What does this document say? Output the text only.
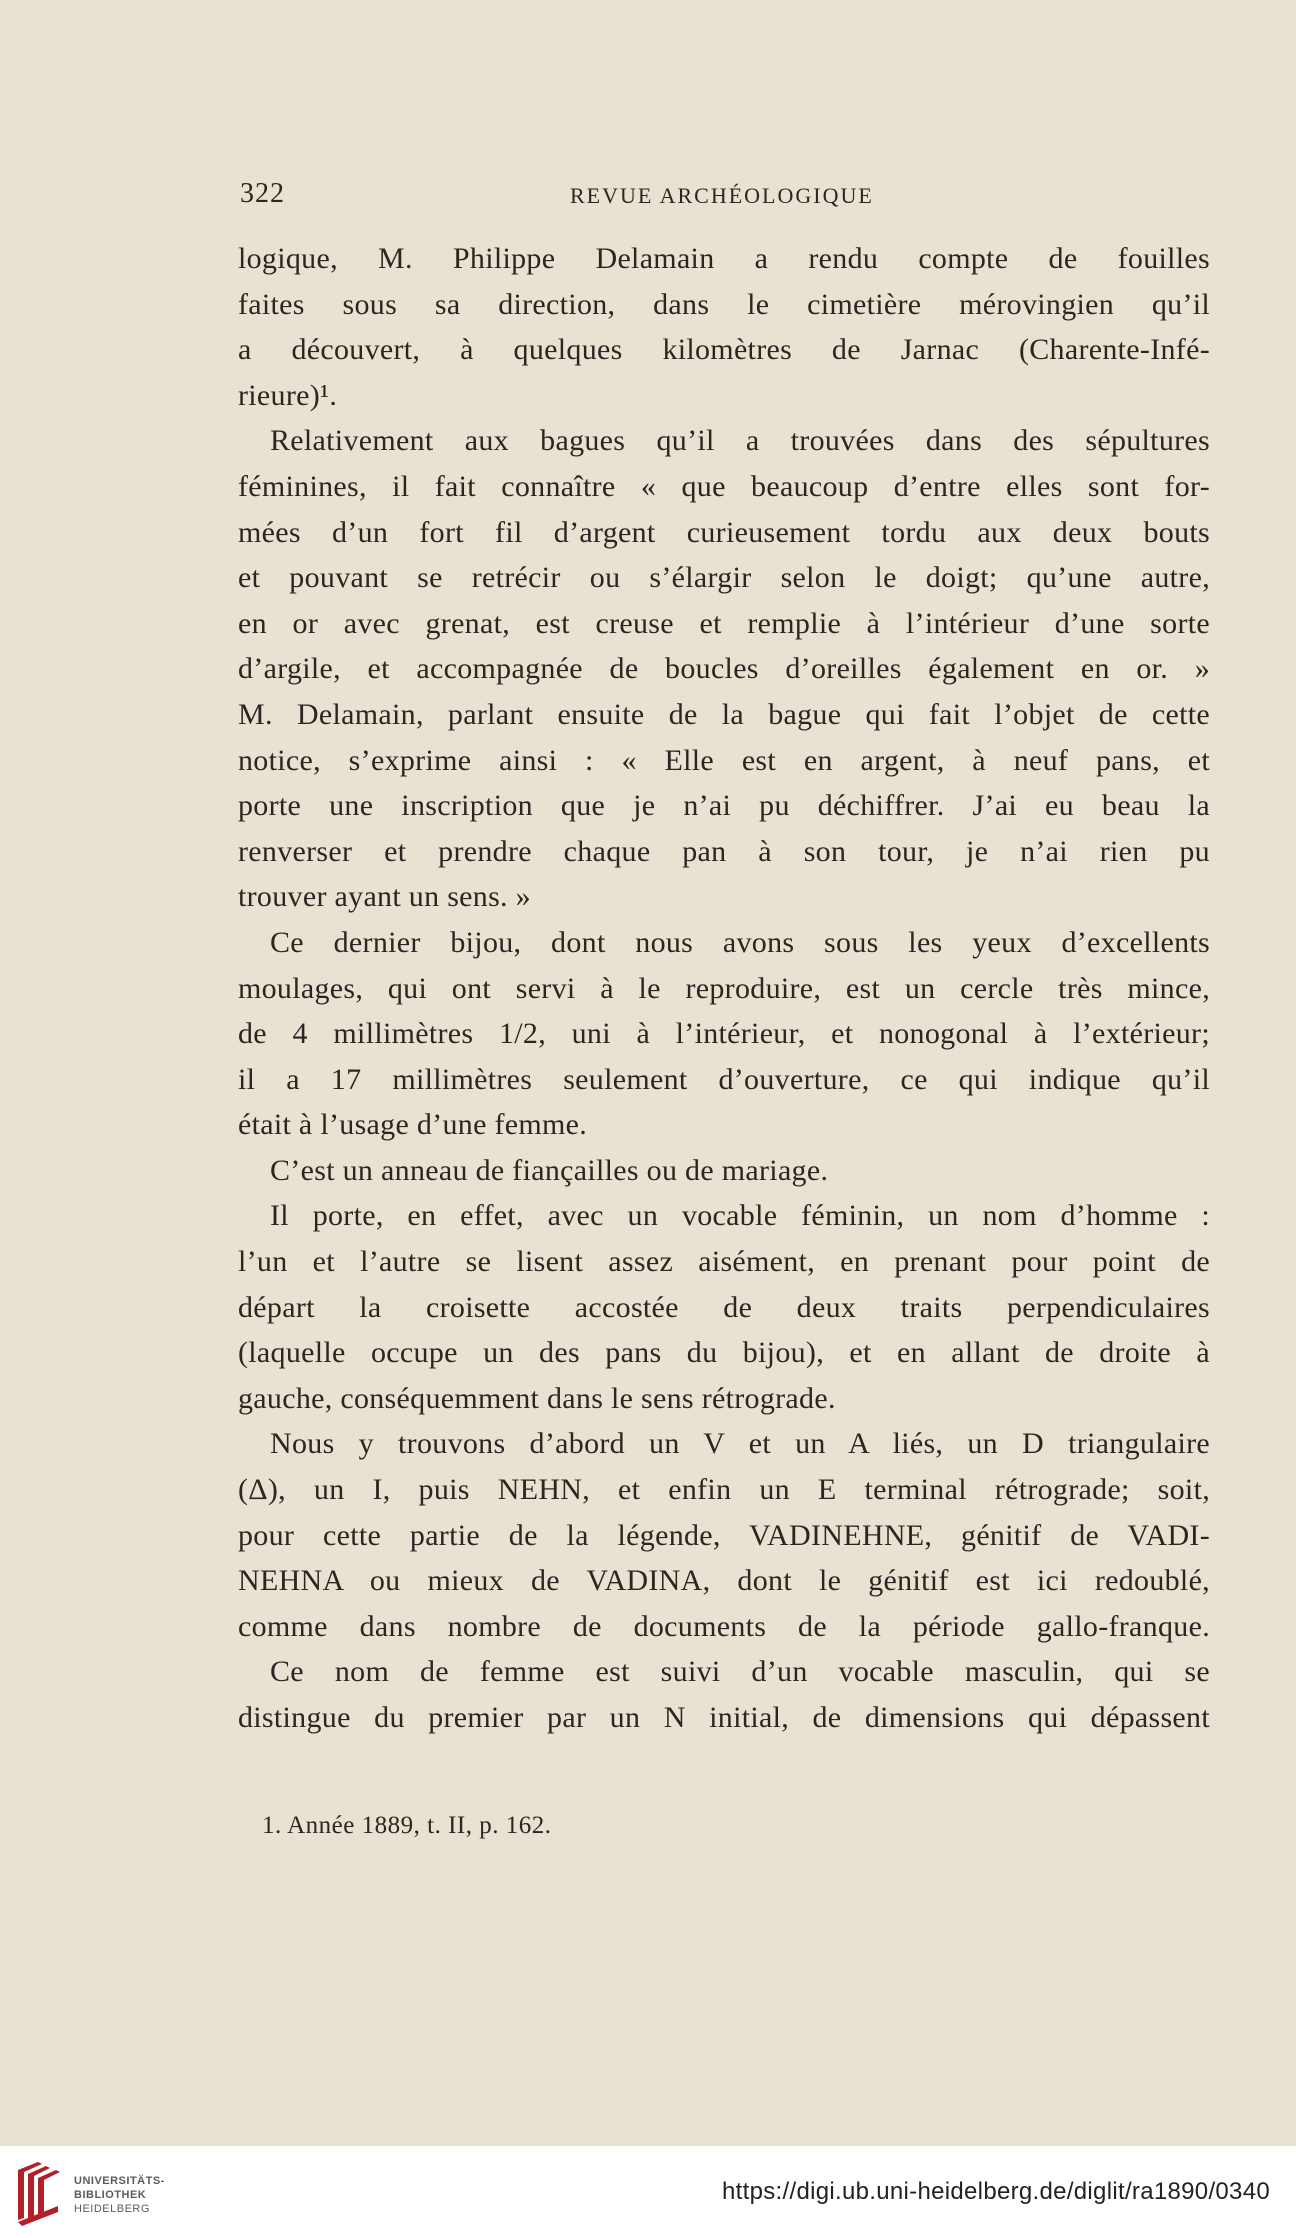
322	REVUE ARCHÉOLOGIQUE
logique, M. Philippe Delamain a rendu compte de fouilles
faites sous sa direction, dans le cimetière mérovingien qu’il
a découvert, à quelques kilomètres de Jarnac (Charente-Infé-
rieure)¹.
Relativement aux bagues qu’il a trouvées dans des sépultures
féminines, il fait connaître « que beaucoup d’entre elles sont for-
mées d’un fort fil d’argent curieusement tordu aux deux bouts
et pouvant se retrécir ou s’élargir selon le doigt; qu’une autre,
en or avec grenat, est creuse et remplie à l’intérieur d’une sorte
d’argile, et accompagnée de boucles d’oreilles également en or. »
M. Delamain, parlant ensuite de la bague qui fait l’objet de cette
notice, s’exprime ainsi : « Elle est en argent, à neuf pans, et
porte une inscription que je n’ai pu déchiffrer. J’ai eu beau la
renverser et prendre chaque pan à son tour, je n’ai rien pu
trouver ayant un sens. »
Ce dernier bijou, dont nous avons sous les yeux d’excellents
moulages, qui ont servi à le reproduire, est un cercle très mince,
de 4 millimètres 1/2, uni à l’intérieur, et nonogonal à l’extérieur;
il a 17 millimètres seulement d’ouverture, ce qui indique qu’il
était à l’usage d’une femme.
C’est un anneau de fiançailles ou de mariage.
Il porte, en effet, avec un vocable féminin, un nom d’homme :
l’un et l’autre se lisent assez aisément, en prenant pour point de
départ la croisette accostée de deux traits perpendiculaires
(laquelle occupe un des pans du bijou), et en allant de droite à
gauche, conséquemment dans le sens rétrograde.
Nous y trouvons d’abord un V et un A liés, un D triangulaire
(Δ), un I, puis NEHN, et enfin un E terminal rétrograde; soit,
pour cette partie de la légende, VADINEHNE, génitif de VADI-
NEHNA ou mieux de VADINA, dont le génitif est ici redoublé,
comme dans nombre de documents de la période gallo-franque.
Ce nom de femme est suivi d’un vocable masculin, qui se
distingue du premier par un N initial, de dimensions qui dépassent
1. Année 1889, t. II, p. 162.
UNIVERSITÄTS-
BIBLIOTHEK
HEIDELBERG
https://digi.ub.uni-heidelberg.de/diglit/ra1890/0340
